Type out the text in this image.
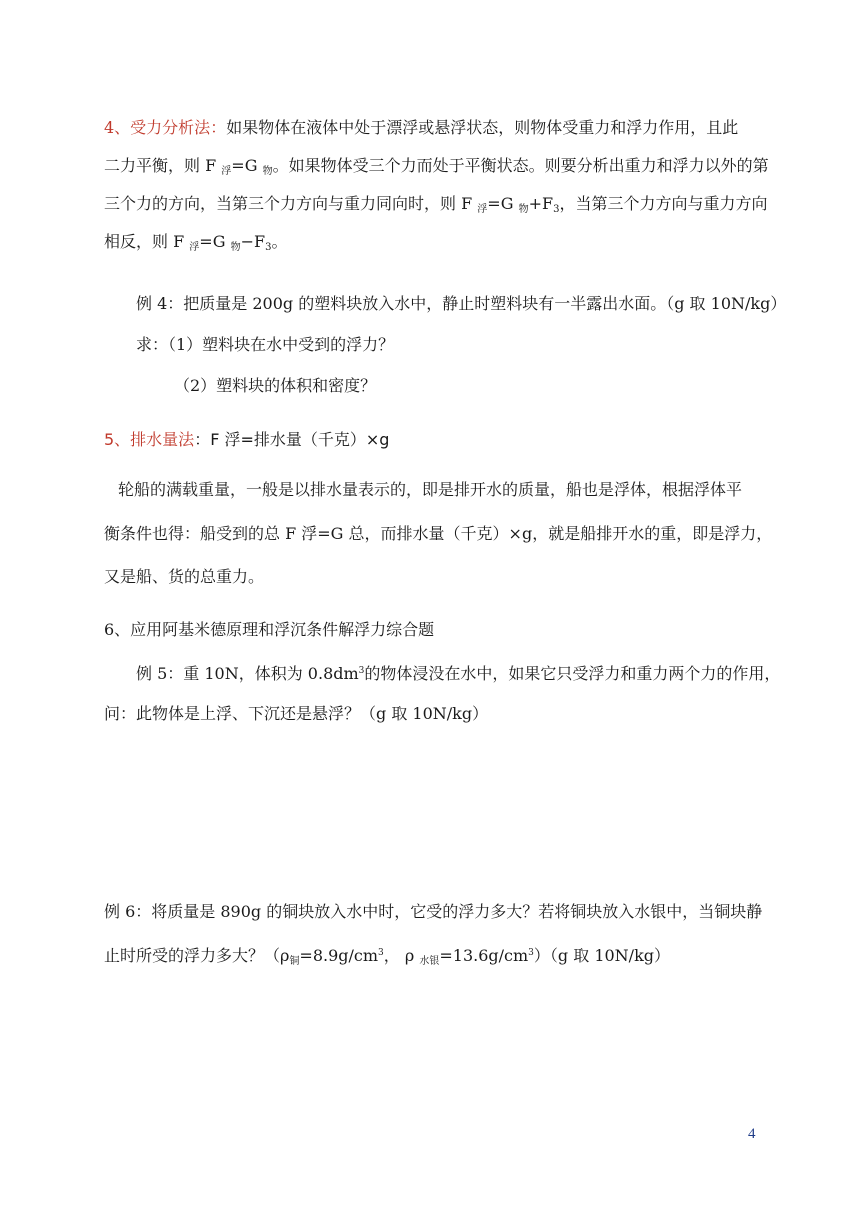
4、受力分析法：如果物体在液体中处于漂浮或悬浮状态，则物体受重力和浮力作用，且此
二力平衡，则 F $_浮$=G $_物$。如果物体受三个力而处于平衡状态。则要分析出重力和浮力以外的第
三个力的方向，当第三个力方向与重力同向时，则 F $_浮$=G $_物+F_3$，当第三个力方向与重力方向
相反，则 F $_浮$=G $_物-F_3$。
例 4：把质量是 200g 的塑料块放入水中，静止时塑料块有一半露出水面。（g 取 10N/kg）
求：（1）塑料块在水中受到的浮力？
（2）塑料块的体积和密度？
5、排水量法：F 浮=排水量（千克）×g
轮船的满载重量，一般是以排水量表示的，即是排开水的质量，船也是浮体，根据浮体平
衡条件也得：船受到的总 F 浮=G 总，而排水量（千克）×g，就是船排开水的重，即是浮力，
又是船、货的总重力。
6、应用阿基米德原理和浮沉条件解浮力综合题
例 5：重 10N，体积为 $0.8dm^3$的物体浸没在水中，如果它只受浮力和重力两个力的作用，
问：此物体是上浮、下沉还是悬浮？（g 取 10N/kg）
例 6：将质量是 890g 的铜块放入水中时，它受的浮力多大？若将铜块放入水银中，当铜块静
止时所受的浮力多大？（$\rho_铜=8.9g/cm^3$， ρ $_{水银}=13.6g/cm^3)(g$ 取 10N/kg）
4
